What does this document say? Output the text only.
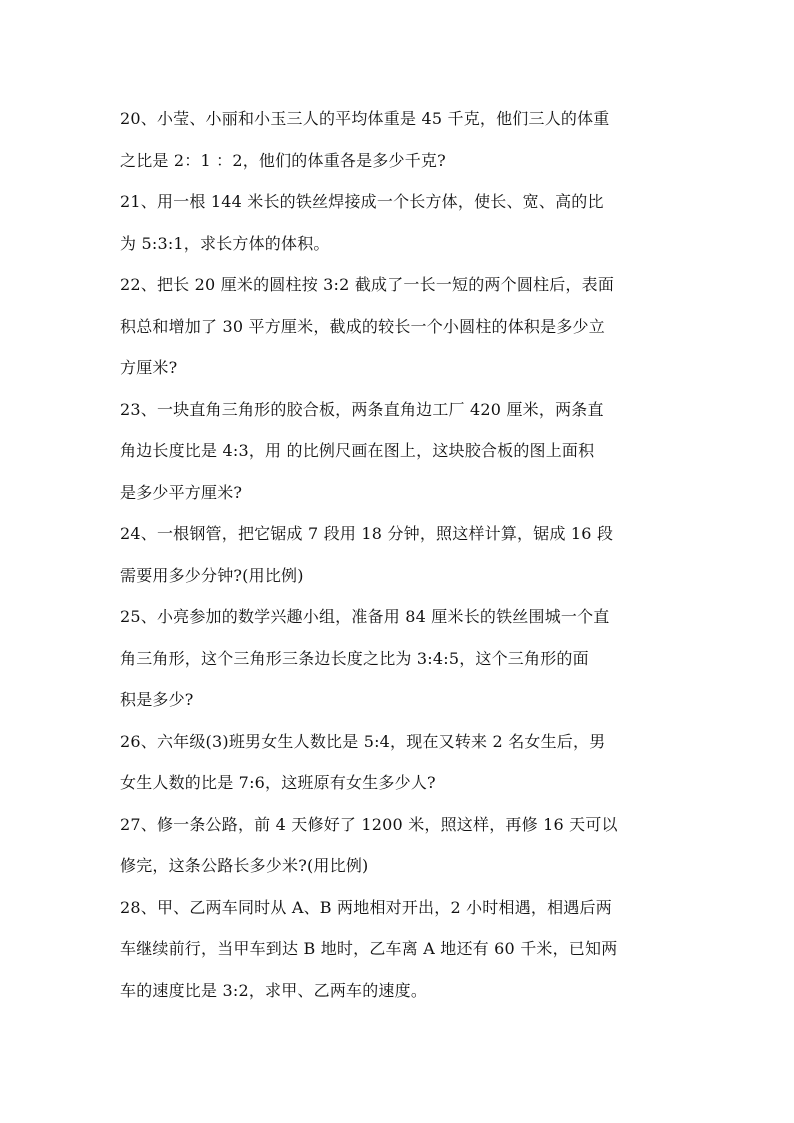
20、小莹、小丽和小玉三人的平均体重是 45 千克，他们三人的体重
之比是 2：1 ：2，他们的体重各是多少千克?
21、用一根 144 米长的铁丝焊接成一个长方体，使长、宽、高的比
为 5:3:1，求长方体的体积。
22、把长 20 厘米的圆柱按 3:2 截成了一长一短的两个圆柱后，表面
积总和增加了 30 平方厘米，截成的较长一个小圆柱的体积是多少立
方厘米?
23、一块直角三角形的胶合板，两条直角边工厂 420 厘米，两条直
角边长度比是 4:3，用 的比例尺画在图上，这块胶合板的图上面积
是多少平方厘米?
24、一根钢管，把它锯成 7 段用 18 分钟，照这样计算，锯成 16 段
需要用多少分钟?(用比例)
25、小亮参加的数学兴趣小组，准备用 84 厘米长的铁丝围城一个直
角三角形，这个三角形三条边长度之比为 3:4:5，这个三角形的面
积是多少?
26、六年级(3)班男女生人数比是 5:4，现在又转来 2 名女生后，男
女生人数的比是 7:6，这班原有女生多少人?
27、修一条公路，前 4 天修好了 1200 米，照这样，再修 16 天可以
修完，这条公路长多少米?(用比例)
28、甲、乙两车同时从 A、B 两地相对开出，2 小时相遇，相遇后两
车继续前行，当甲车到达 B 地时，乙车离 A 地还有 60 千米，已知两
车的速度比是 3:2，求甲、乙两车的速度。
